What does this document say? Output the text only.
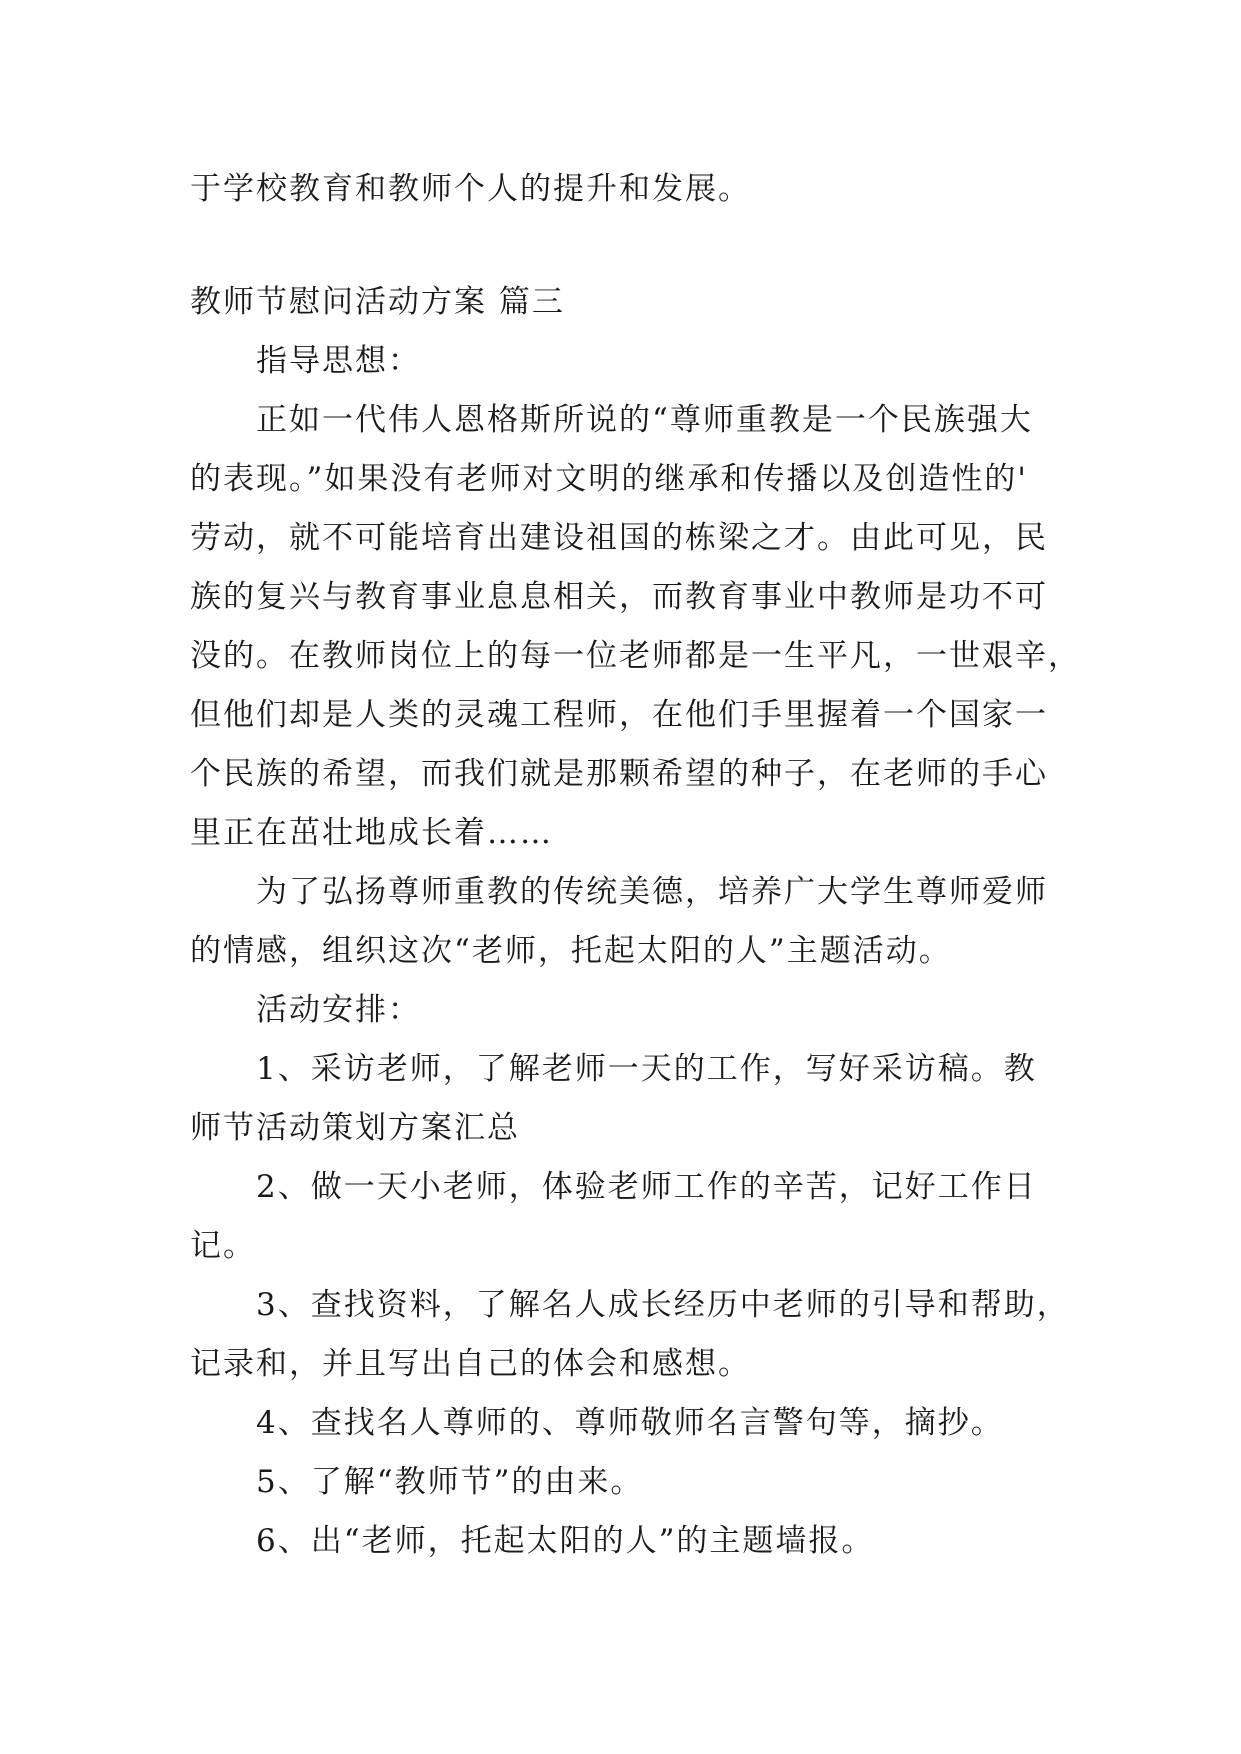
于学校教育和教师个人的提升和发展。
教师节慰问活动方案 篇三
指导思想：
正如一代伟人恩格斯所说的“尊师重教是一个民族强大
的表现。”如果没有老师对文明的继承和传播以及创造性的'
劳动，就不可能培育出建设祖国的栋梁之才。由此可见，民
族的复兴与教育事业息息相关，而教育事业中教师是功不可
没的。在教师岗位上的每一位老师都是一生平凡，一世艰辛，
但他们却是人类的灵魂工程师，在他们手里握着一个国家一
个民族的希望，而我们就是那颗希望的种子，在老师的手心
里正在茁壮地成长着……
为了弘扬尊师重教的传统美德，培养广大学生尊师爱师
的情感，组织这次“老师，托起太阳的人”主题活动。
活动安排：
1、采访老师，了解老师一天的工作，写好采访稿。教
师节活动策划方案汇总
2、做一天小老师，体验老师工作的辛苦，记好工作日
记。
3、查找资料，了解名人成长经历中老师的引导和帮助，
记录和，并且写出自己的体会和感想。
4、查找名人尊师的、尊师敬师名言警句等，摘抄。
5、了解“教师节”的由来。
6、出“老师，托起太阳的人”的主题墙报。
